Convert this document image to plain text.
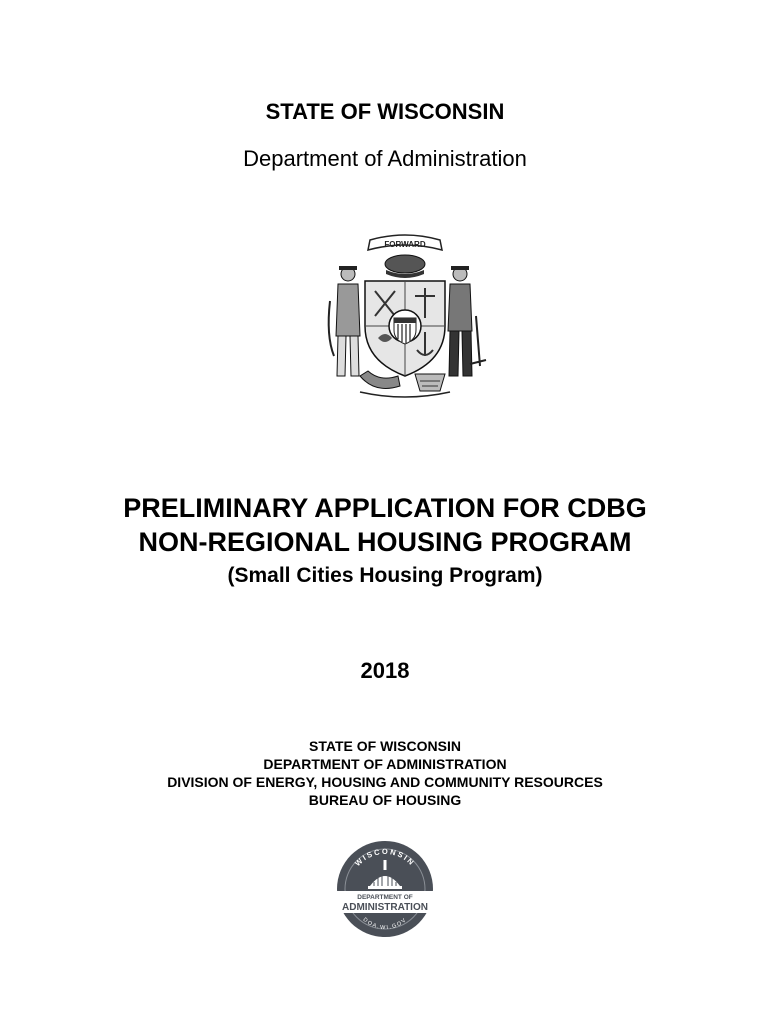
STATE OF WISCONSIN
Department of Administration
FORWARD
PRELIMINARY APPLICATION FOR CDBG
NON-REGIONAL HOUSING PROGRAM
(Small Cities Housing Program)
2018
STATE OF WISCONSIN
DEPARTMENT OF ADMINISTRATION
DIVISION OF ENERGY, HOUSING AND COMMUNITY RESOURCES
BUREAU OF HOUSING
WISCONSIN
DEPARTMENT OF
ADMINISTRATION
DOA.WI.GOV
